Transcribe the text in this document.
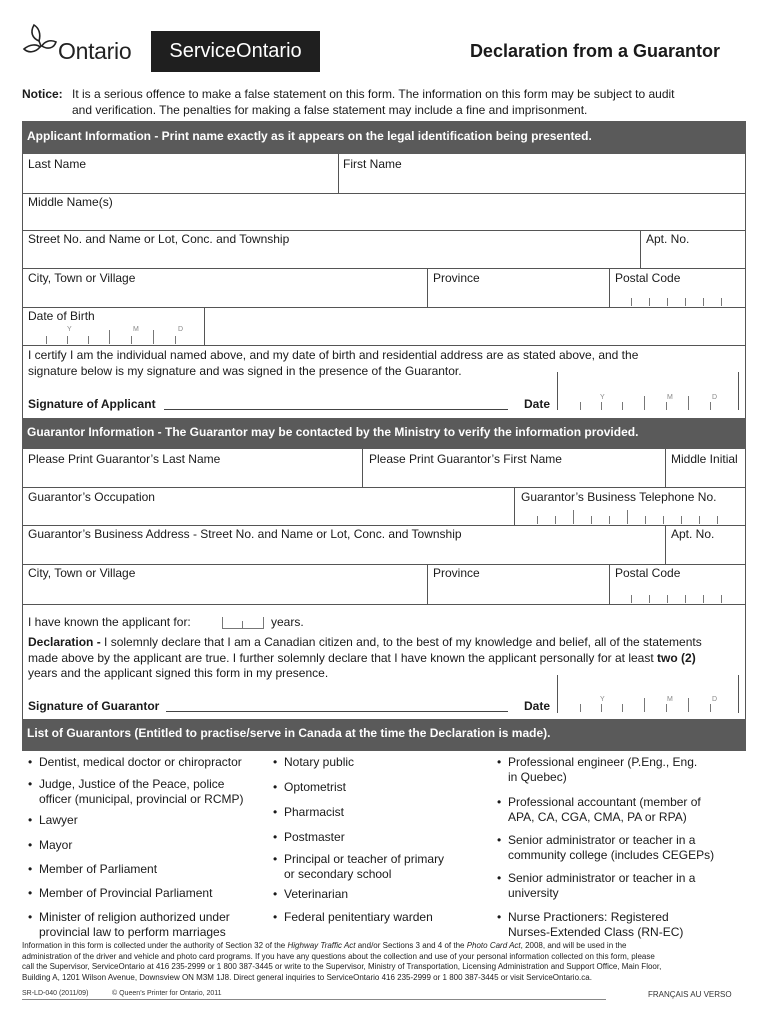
Ontario	ServiceOntario	Declaration from a Guarantor
Notice: It is a serious offence to make a false statement on this form. The information on this form may be subject to audit
and verification. The penalties for making a false statement may include a fine and imprisonment.
Applicant Information - Print name exactly as it appears on the legal identification being presented.
Last Name	First Name
Middle Name(s)
Street No. and Name or Lot, Conc. and Township	Apt. No.
City, Town or Village	Province	Postal Code
Date of Birth
Y	M	D
I certify I am the individual named above, and my date of birth and residential address are as stated above, and the
signature below is my signature and was signed in the presence of the Guarantor.
Signature of Applicant	Date	Y	M	D
Guarantor Information - The Guarantor may be contacted by the Ministry to verify the information provided.
Please Print Guarantor’s Last Name	Please Print Guarantor’s First Name	Middle Initial
Guarantor’s Occupation	Guarantor’s Business Telephone No.
Guarantor’s Business Address - Street No. and Name or Lot, Conc. and Township	Apt. No.
City, Town or Village	Province	Postal Code
I have known the applicant for:	years.
Declaration - I solemnly declare that I am a Canadian citizen and, to the best of my knowledge and belief, all of the statements
made above by the applicant are true. I further solemnly declare that I have known the applicant personally for at least two (2)
years and the applicant signed this form in my presence.
Signature of Guarantor	Date	Y	M	D
List of Guarantors (Entitled to practise/serve in Canada at the time the Declaration is made).
• Dentist, medical doctor or chiropractor
• Judge, Justice of the Peace, police
officer (municipal, provincial or RCMP)
• Lawyer
• Mayor
• Member of Parliament
• Member of Provincial Parliament
• Minister of religion authorized under
provincial law to perform marriages
• Notary public
• Optometrist
• Pharmacist
• Postmaster
• Principal or teacher of primary
or secondary school
• Veterinarian
• Federal penitentiary warden
• Professional engineer (P.Eng., Eng.
in Quebec)
• Professional accountant (member of
APA, CA, CGA, CMA, PA or RPA)
• Senior administrator or teacher in a
community college (includes CEGEPs)
• Senior administrator or teacher in a
university
• Nurse Practioners: Registered
Nurses-Extended Class (RN-EC)
Information in this form is collected under the authority of Section 32 of the Highway Traffic Act and/or Sections 3 and 4 of the Photo Card Act, 2008, and will be used in the
administration of the driver and vehicle and photo card programs. If you have any questions about the collection and use of your personal information collected on this form, please
call the Supervisor, ServiceOntario at 416 235-2999 or 1 800 387-3445 or write to the Supervisor, Ministry of Transportation, Licensing Administration and Support Office, Main Floor,
Building A, 1201 Wilson Avenue, Downsview ON M3M 1J8. Direct general inquiries to ServiceOntario 416 235-2999 or 1 800 387-3445 or visit ServiceOntario.ca.
SR-LD-040 (2011/09)	© Queen’s Printer for Ontario, 2011	FRANÇAIS AU VERSO
